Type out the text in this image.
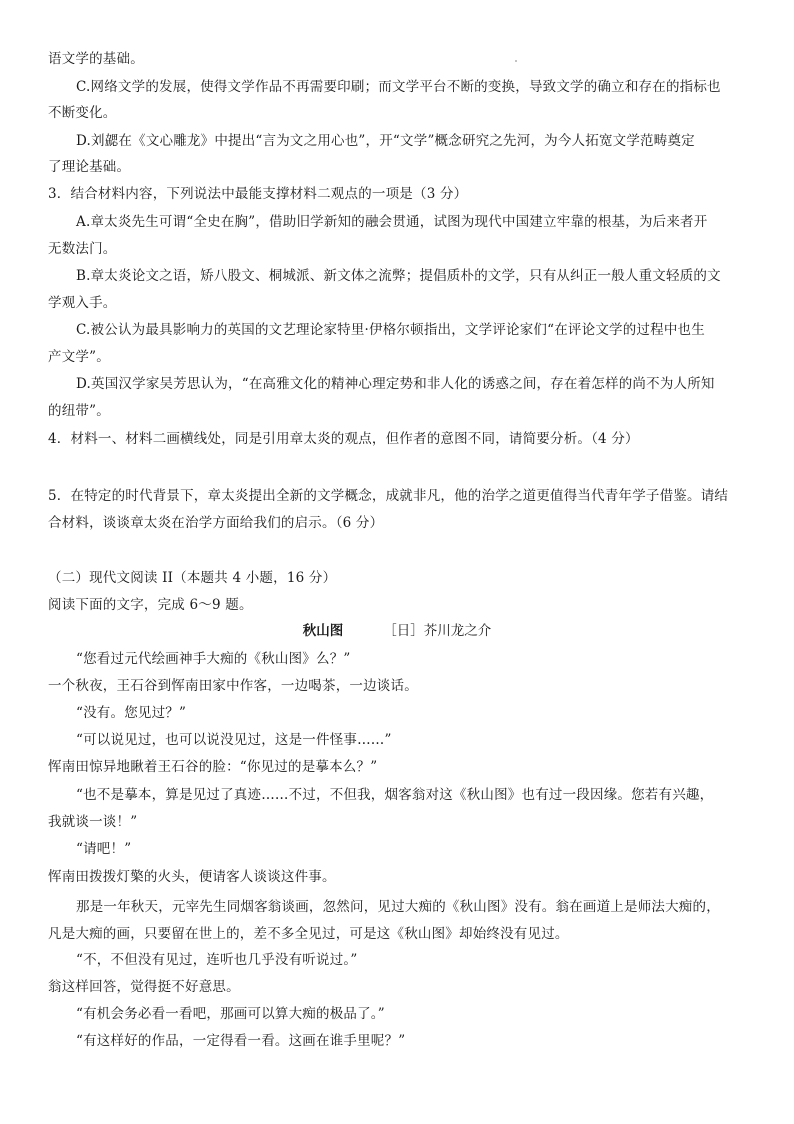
语文学的基础。
C.网络文学的发展，使得文学作品不再需要印刷；而文学平台不断的变换，导致文学的确立和存在的指标也
不断变化。
D.刘勰在《文心雕龙》中提出“言为文之用心也”，开“文学”概念研究之先河，为今人拓宽文学范畴奠定
了理论基础。
3．结合材料内容，下列说法中最能支撑材料二观点的一项是（3 分）
A.章太炎先生可谓“全史在胸”，借助旧学新知的融会贯通，试图为现代中国建立牢靠的根基，为后来者开
无数法门。
B.章太炎论文之语，矫八股文、桐城派、新文体之流弊；提倡质朴的文学，只有从纠正一般人重文轻质的文
学观入手。
C.被公认为最具影响力的英国的文艺理论家特里·伊格尔顿指出，文学评论家们“在评论文学的过程中也生
产文学”。
D.英国汉学家吴芳思认为，“在高雅文化的精神心理定势和非人化的诱惑之间，存在着怎样的尚不为人所知
的纽带”。
4．材料一、材料二画横线处，同是引用章太炎的观点，但作者的意图不同，请简要分析。（4 分）
5．在特定的时代背景下，章太炎提出全新的文学概念，成就非凡，他的治学之道更值得当代青年学子借鉴。请结
合材料，谈谈章太炎在治学方面给我们的启示。（6 分）
（二）现代文阅读 II（本题共 4 小题，16 分）
阅读下面的文字，完成 6～9 题。
秋山图	［日］芥川龙之介
“您看过元代绘画神手大痴的《秋山图》么？”
一个秋夜，王石谷到恽南田家中作客，一边喝茶，一边谈话。
“没有。您见过？”
“可以说见过，也可以说没见过，这是一件怪事……”
恽南田惊异地瞅着王石谷的脸：“你见过的是摹本么？”
“也不是摹本，算是见过了真迹……不过，不但我，烟客翁对这《秋山图》也有过一段因缘。您若有兴趣，
我就谈一谈！”
“请吧！”
恽南田拨拨灯檠的火头，便请客人谈谈这件事。
那是一年秋天，元宰先生同烟客翁谈画，忽然问，见过大痴的《秋山图》没有。翁在画道上是师法大痴的，
凡是大痴的画，只要留在世上的，差不多全见过，可是这《秋山图》却始终没有见过。
“不，不但没有见过，连听也几乎没有听说过。”
翁这样回答，觉得挺不好意思。
“有机会务必看一看吧，那画可以算大痴的极品了。”
“有这样好的作品，一定得看一看。这画在谁手里呢？”
